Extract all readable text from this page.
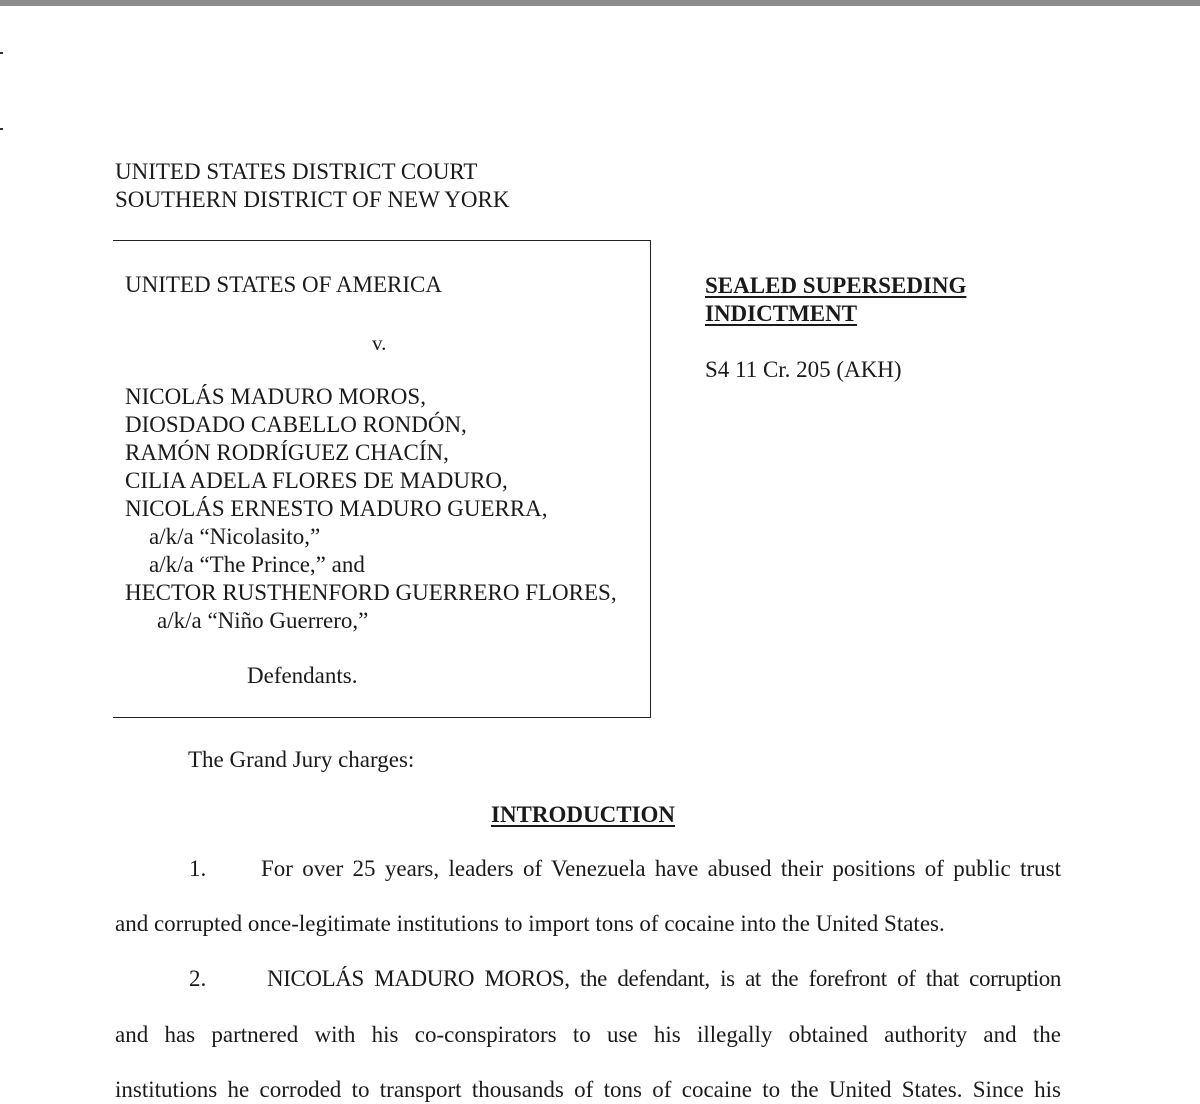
UNITED STATES DISTRICT COURT
SOUTHERN DISTRICT OF NEW YORK
UNITED STATES OF AMERICA
v.
NICOLÁS MADURO MOROS,
DIOSDADO CABELLO RONDÓN,
RAMÓN RODRÍGUEZ CHACÍN,
CILIA ADELA FLORES DE MADURO,
NICOLÁS ERNESTO MADURO GUERRA,
a/k/a “Nicolasito,”
a/k/a “The Prince,” and
HECTOR RUSTHENFORD GUERRERO FLORES,
a/k/a “Niño Guerrero,”
Defendants.
SEALED SUPERSEDING
INDICTMENT
S4 11 Cr. 205 (AKH)
The Grand Jury charges:
INTRODUCTION
1. For over 25 years, leaders of Venezuela have abused their positions of public trust
and corrupted once-legitimate institutions to import tons of cocaine into the United States.
2.	NICOLÁS MADURO MOROS, the defendant, is at the forefront of that corruption
and has partnered with his co-conspirators to use his illegally obtained authority and the
institutions he corroded to transport thousands of tons of cocaine to the United States. Since his
